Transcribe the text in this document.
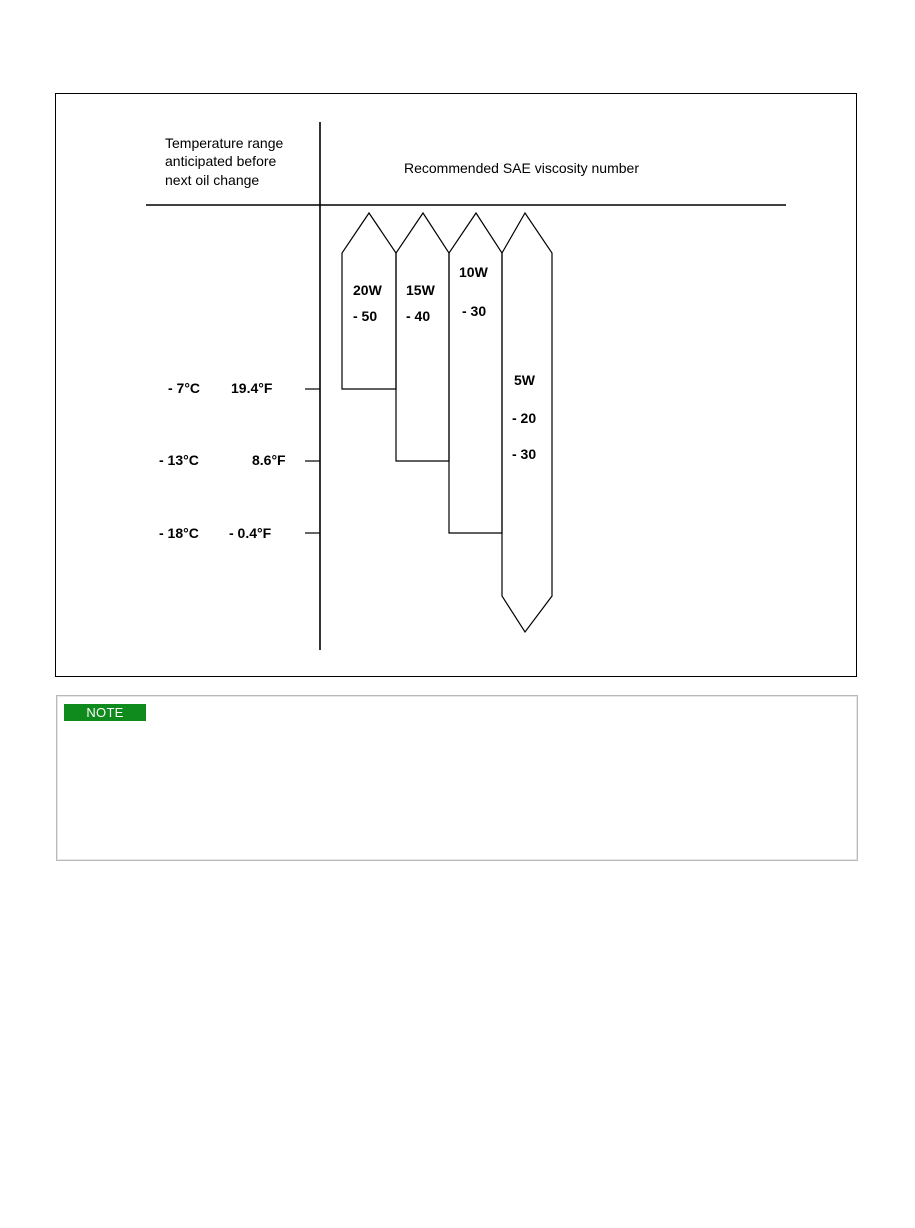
Temperature range
anticipated before
next oil change
Recommended SAE viscosity number
- 7°C 19.4°F
- 13°C	8.6°F
- 18°C - 0.4°F
20W
- 50
15W
- 40
10W
- 30
5W
- 20
- 30
NOTE
